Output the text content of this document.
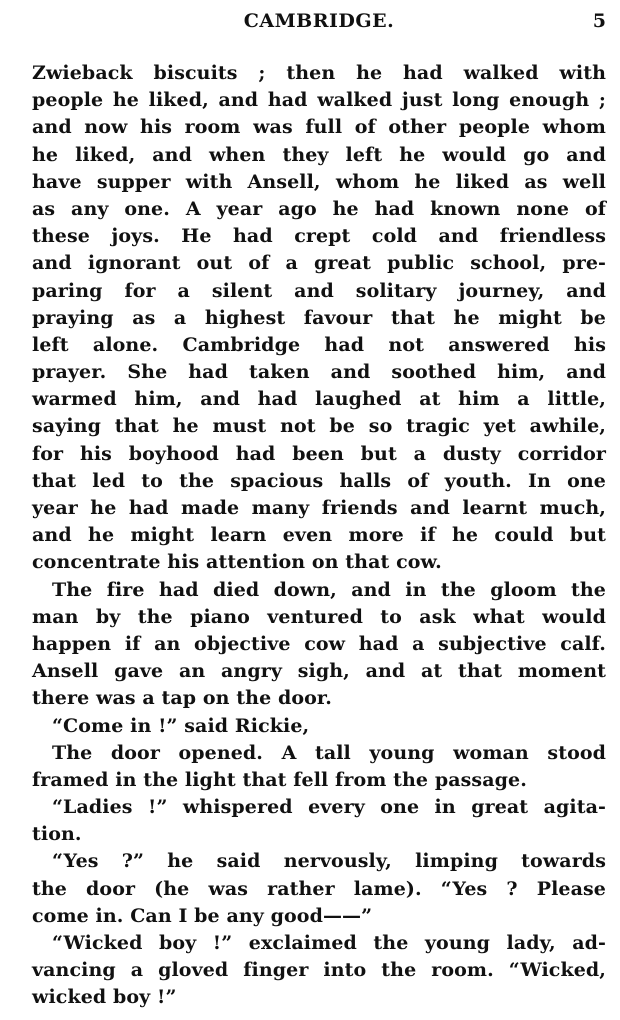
CAMBRIDGE.	5
Zwieback biscuits ; then he had walked with
people he liked, and had walked just long enough ;
and now his room was full of other people whom
he liked, and when they left he would go and
have supper with Ansell, whom he liked as well
as any one. A year ago he had known none of
these joys. He had crept cold and friendless
and ignorant out of a great public school, pre-
paring for a silent and solitary journey, and
praying as a highest favour that he might be
left alone. Cambridge had not answered his
prayer. She had taken and soothed him, and
warmed him, and had laughed at him a little,
saying that he must not be so tragic yet awhile,
for his boyhood had been but a dusty corridor
that led to the spacious halls of youth. In one
year he had made many friends and learnt much,
and he might learn even more if he could but
concentrate his attention on that cow.
The fire had died down, and in the gloom the
man by the piano ventured to ask what would
happen if an objective cow had a subjective calf.
Ansell gave an angry sigh, and at that moment
there was a tap on the door.
“Come in !” said Rickie,
The door opened. A tall young woman stood
framed in the light that fell from the passage.
“Ladies !” whispered every one in great agita-
tion.
“Yes ?” he said nervously, limping towards
the door (he was rather lame). “Yes ? Please
come in. Can I be any good——”
“Wicked boy !” exclaimed the young lady, ad-
vancing a gloved finger into the room. “Wicked,
wicked boy !”
